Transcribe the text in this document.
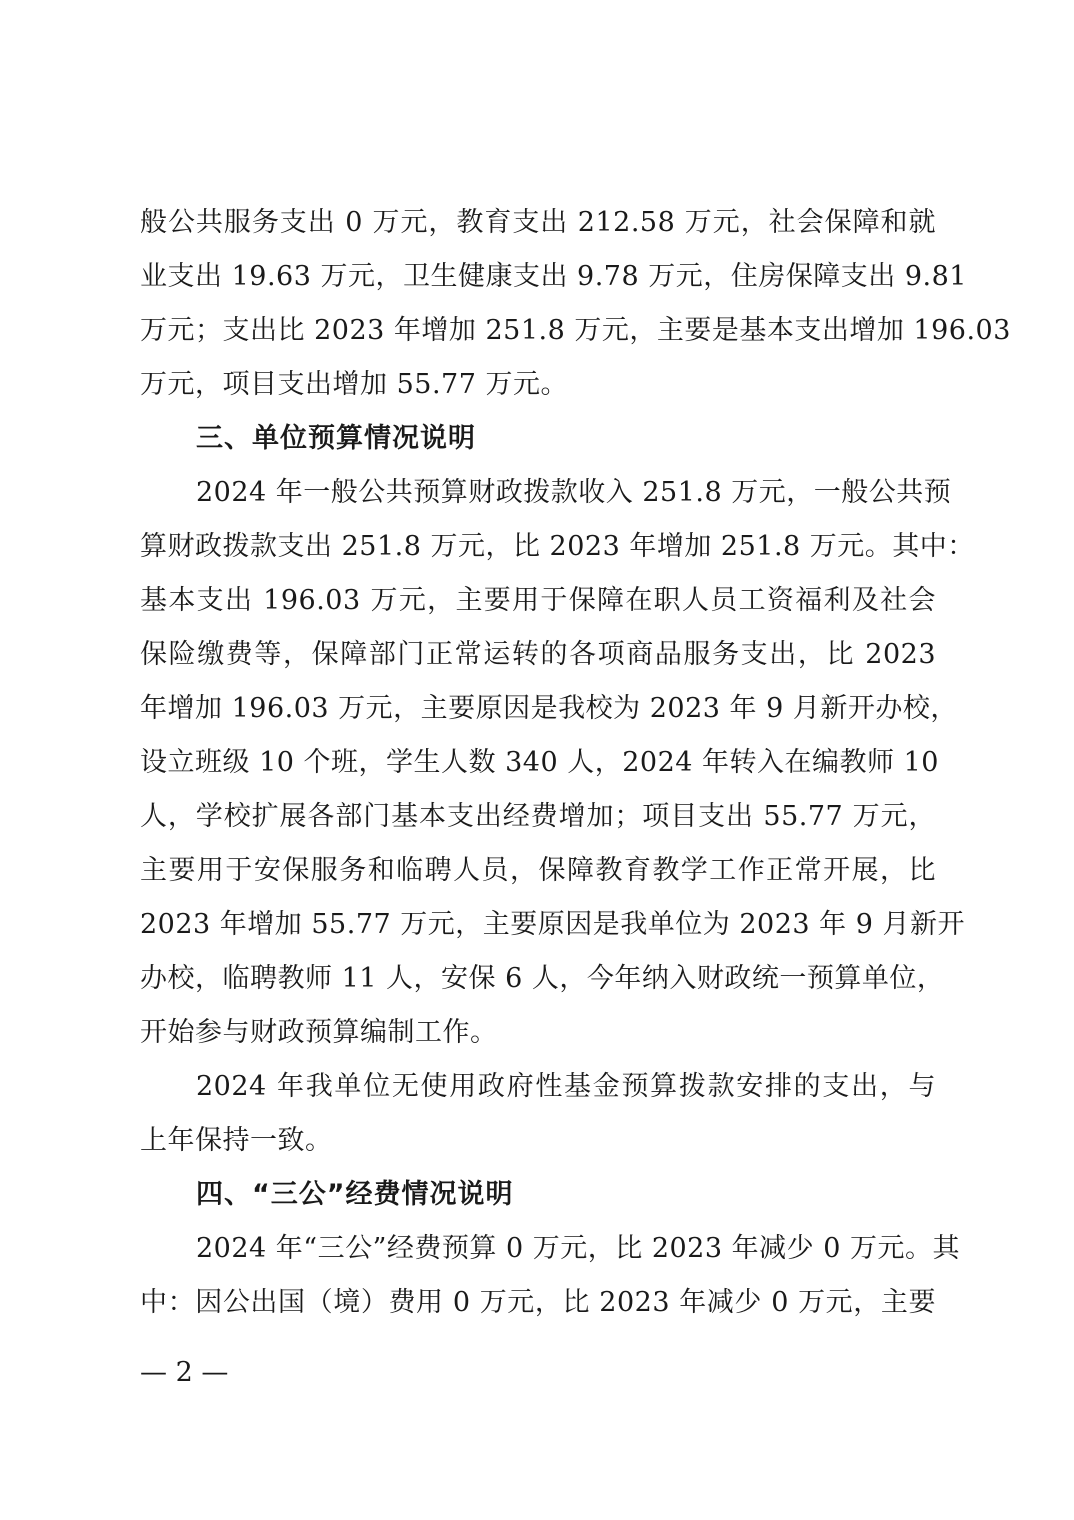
般公共服务支出 0 万元，教育支出 212.58 万元，社会保障和就
业支出 19.63 万元，卫生健康支出 9.78 万元，住房保障支出 9.81
万元；支出比 2023 年增加 251.8 万元，主要是基本支出增加 196.03
万元，项目支出增加 55.77 万元。
三、单位预算情况说明
2024 年一般公共预算财政拨款收入 251.8 万元，一般公共预
算财政拨款支出 251.8 万元，比 2023 年增加 251.8 万元。其中：
基本支出 196.03 万元，主要用于保障在职人员工资福利及社会
保险缴费等，保障部门正常运转的各项商品服务支出，比 2023
年增加 196.03 万元，主要原因是我校为 2023 年 9 月新开办校，
设立班级 10 个班，学生人数 340 人，2024 年转入在编教师 10
人，学校扩展各部门基本支出经费增加；项目支出 55.77 万元，
主要用于安保服务和临聘人员，保障教育教学工作正常开展，比
2023 年增加 55.77 万元，主要原因是我单位为 2023 年 9 月新开
办校，临聘教师 11 人，安保 6 人，今年纳入财政统一预算单位，
开始参与财政预算编制工作。
2024 年我单位无使用政府性基金预算拨款安排的支出，与
上年保持一致。
四、“三公”经费情况说明
2024 年“三公”经费预算 0 万元，比 2023 年减少 0 万元。其
中：因公出国（境）费用 0 万元，比 2023 年减少 0 万元，主要
— 2 —
